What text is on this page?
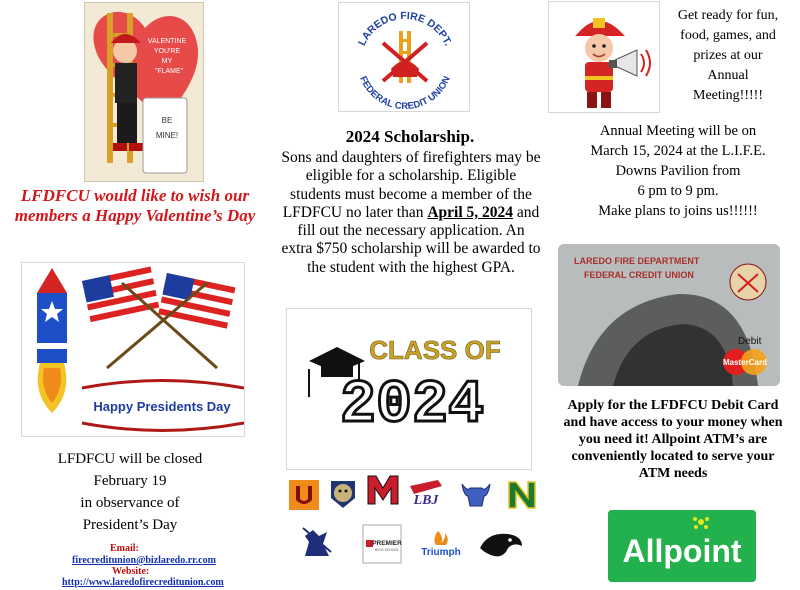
VALENTINE
YOU'RE
MY
"FLAME"
BE
MINE!
LFDFCU would like to wish our members a Happy Valentine’s Day
Happy Presidents Day
LFDFCU will be closed
February 19
in observance of
President’s Day
Email:
firecreditunion@bizlaredo.rr.com
Website:
http://www.laredofirecreditunion.com
LAREDO FIRE DEPT.
FEDERAL CREDIT UNION
2024 Scholarship.
Sons and daughters of firefighters may be eligible for a scholarship. Eligible students must become a member of the LFDFCU no later than April 5, 2024 and fill out the necessary application. An extra $750 scholarship will be awarded to the student with the highest GPA.
CLASS OF
2024
LBJ
PREMIER
HIGH SCHOOL Triumph
Get ready for fun,
food, games, and
prizes at our
Annual
Meeting!!!!!
Annual Meeting will be on
March 15, 2024 at the L.I.F.E.
Downs Pavilion from
6 pm to 9 pm.
Make plans to joins us!!!!!!
LAREDO FIRE DEPARTMENT
FEDERAL CREDIT UNION
Debit
MasterCard
Apply for the LFDFCU Debit Card and have access to your money when you need it! Allpoint ATM’s are conveniently located to serve your ATM needs
Allpoint
